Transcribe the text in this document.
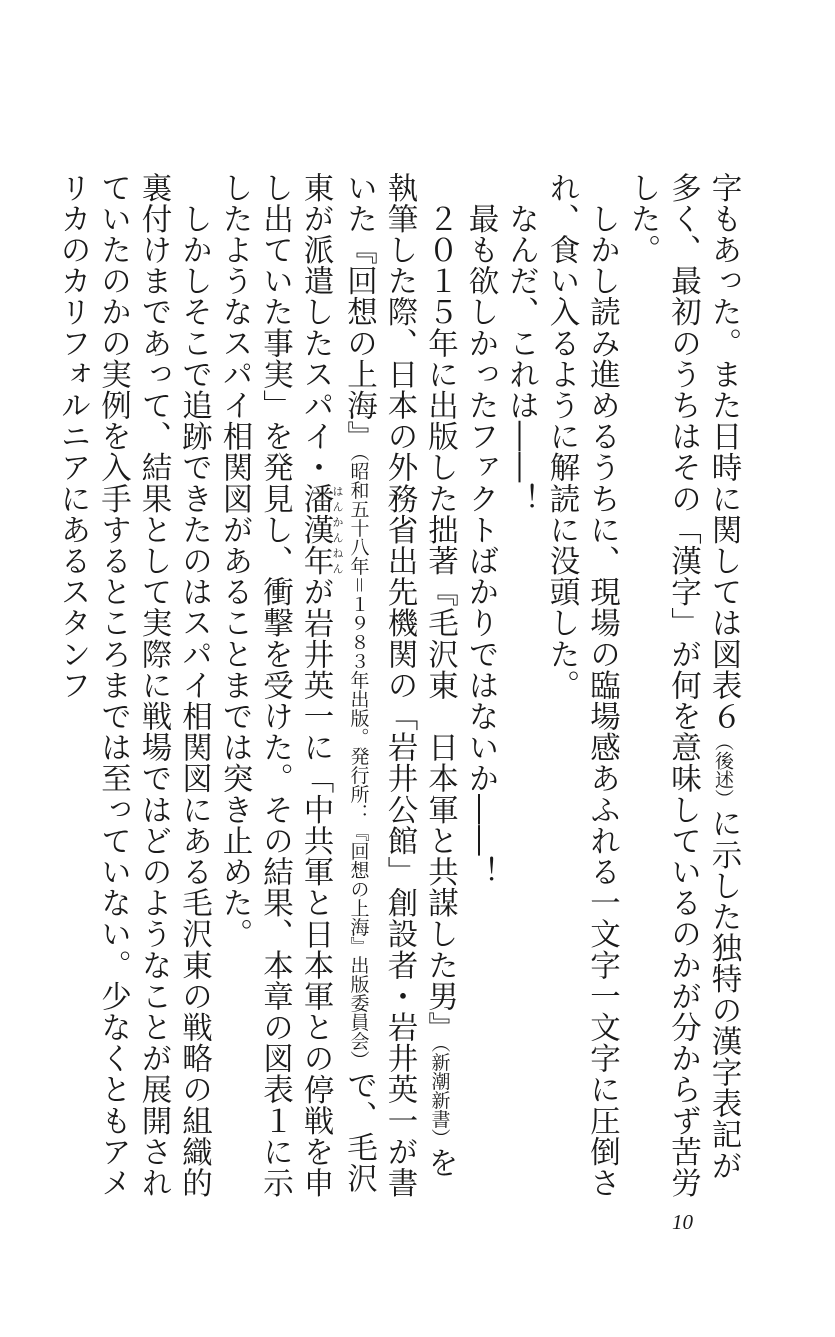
字もあった。また日時に関しては図表６（後述）に示した独特の漢字表記が多く、最初のうちはその「漢字」が何を意味しているのかが分からず苦労した。

　しかし読み進めるうちに、現場の臨場感あふれる一文字一文字に圧倒され、食い入るように解読に没頭した。

　なんだ、これは――！

　最も欲しかったファクトばかりではないか――！

　２０１５年に出版した拙著『毛沢東　日本軍と共謀した男』（新潮新書）を執筆した際、日本の外務省出先機関の「岩井公館」創設者・岩井英一が書いた『回想の上海』（昭和五十八年＝１９８３年出版。発行所：『回想の上海』出版委員会）で、毛沢東が派遣したスパイ・潘はん漢年かんねんが岩井英一に「中共軍と日本軍との停戦を申し出ていた事実」を発見し、衝撃を受けた。その結果、本章の図表１に示したようなスパイ相関図があることまでは突き止めた。

　しかしそこで追跡できたのはスパイ相関図にある毛沢東の戦略の組織的裏付けまであって、結果として実際に戦場ではどのようなことが展開されていたのかの実例を入手するところまでは至っていない。少なくともアメリカのカリフォルニアにあるスタンフ

10
